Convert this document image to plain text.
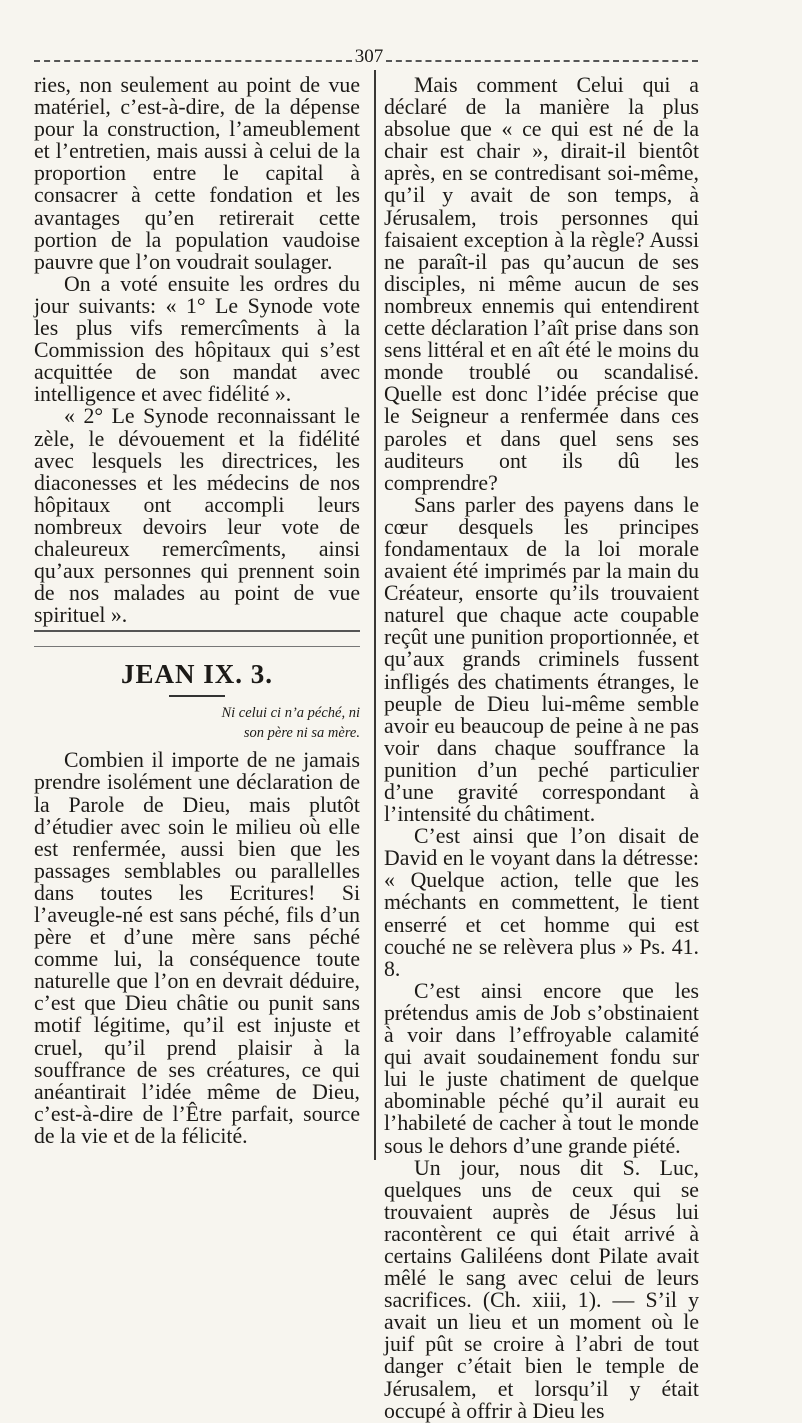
307

ries, non seulement au point de vue matériel, c’est-à-dire, de la dépense pour la construction, l’ameublement et l’entretien, mais aussi à celui de la proportion entre le capital à consacrer à cette fondation et les avantages qu’en retirerait cette portion de la population vaudoise pauvre que l’on voudrait soulager.

On a voté ensuite les ordres du jour suivants: « 1° Le Synode vote les plus vifs remercîments à la Commission des hôpitaux qui s’est acquittée de son mandat avec intelligence et avec fidélité ».

« 2° Le Synode reconnaissant le zèle, le dévouement et la fidélité avec lesquels les directrices, les diaconesses et les médecins de nos hôpitaux ont accompli leurs nombreux devoirs leur vote de chaleureux remercîments, ainsi qu’aux personnes qui prennent soin de nos malades au point de vue spirituel ».

JEAN IX. 3.
Ni celui ci n’a péché, ni
son père ni sa mère.

Combien il importe de ne jamais prendre isolément une déclaration de la Parole de Dieu, mais plutôt d’étudier avec soin le milieu où elle est renfermée, aussi bien que les passages semblables ou parallelles dans toutes les Ecritures! Si l’aveugle-né est sans péché, fils d’un père et d’une mère sans péché comme lui, la conséquence toute naturelle que l’on en devrait déduire, c’est que Dieu châtie ou punit sans motif légitime, qu’il est injuste et cruel, qu’il prend plaisir à la souffrance de ses créatures, ce qui anéantirait l’idée même de Dieu, c’est-à-dire de l’Être parfait, source de la vie et de la félicité.

Mais comment Celui qui a déclaré de la manière la plus absolue que « ce qui est né de la chair est chair », dirait-il bientôt après, en se contredisant soi-même, qu’il y avait de son temps, à Jérusalem, trois personnes qui faisaient exception à la règle? Aussi ne paraît-il pas qu’aucun de ses disciples, ni même aucun de ses nombreux ennemis qui entendirent cette déclaration l’aît prise dans son sens littéral et en aît été le moins du monde troublé ou scandalisé. Quelle est donc l’idée précise que le Seigneur a renfermée dans ces paroles et dans quel sens ses auditeurs ont ils dû les comprendre?

Sans parler des payens dans le cœur desquels les principes fondamentaux de la loi morale avaient été imprimés par la main du Créateur, ensorte qu’ils trouvaient naturel que chaque acte coupable reçût une punition proportionnée, et qu’aux grands criminels fussent infligés des chatiments étranges, le peuple de Dieu lui-même semble avoir eu beaucoup de peine à ne pas voir dans chaque souffrance la punition d’un peché particulier d’une gravité correspondant à l’intensité du châtiment.

C’est ainsi que l’on disait de David en le voyant dans la détresse: « Quelque action, telle que les méchants en commettent, le tient enserré et cet homme qui est couché ne se relèvera plus » Ps. 41. 8.

C’est ainsi encore que les prétendus amis de Job s’obstinaient à voir dans l’effroyable calamité qui avait soudainement fondu sur lui le juste chatiment de quelque abominable péché qu’il aurait eu l’habileté de cacher à tout le monde sous le dehors d’une grande piété.

Un jour, nous dit S. Luc, quelques uns de ceux qui se trouvaient auprès de Jésus lui racontèrent ce qui était arrivé à certains Galiléens dont Pilate avait mêlé le sang avec celui de leurs sacrifices. (Ch. xiii, 1). — S’il y avait un lieu et un moment où le juif pût se croire à l’abri de tout danger c’était bien le temple de Jérusalem, et lorsqu’il y était occupé à offrir à Dieu les
